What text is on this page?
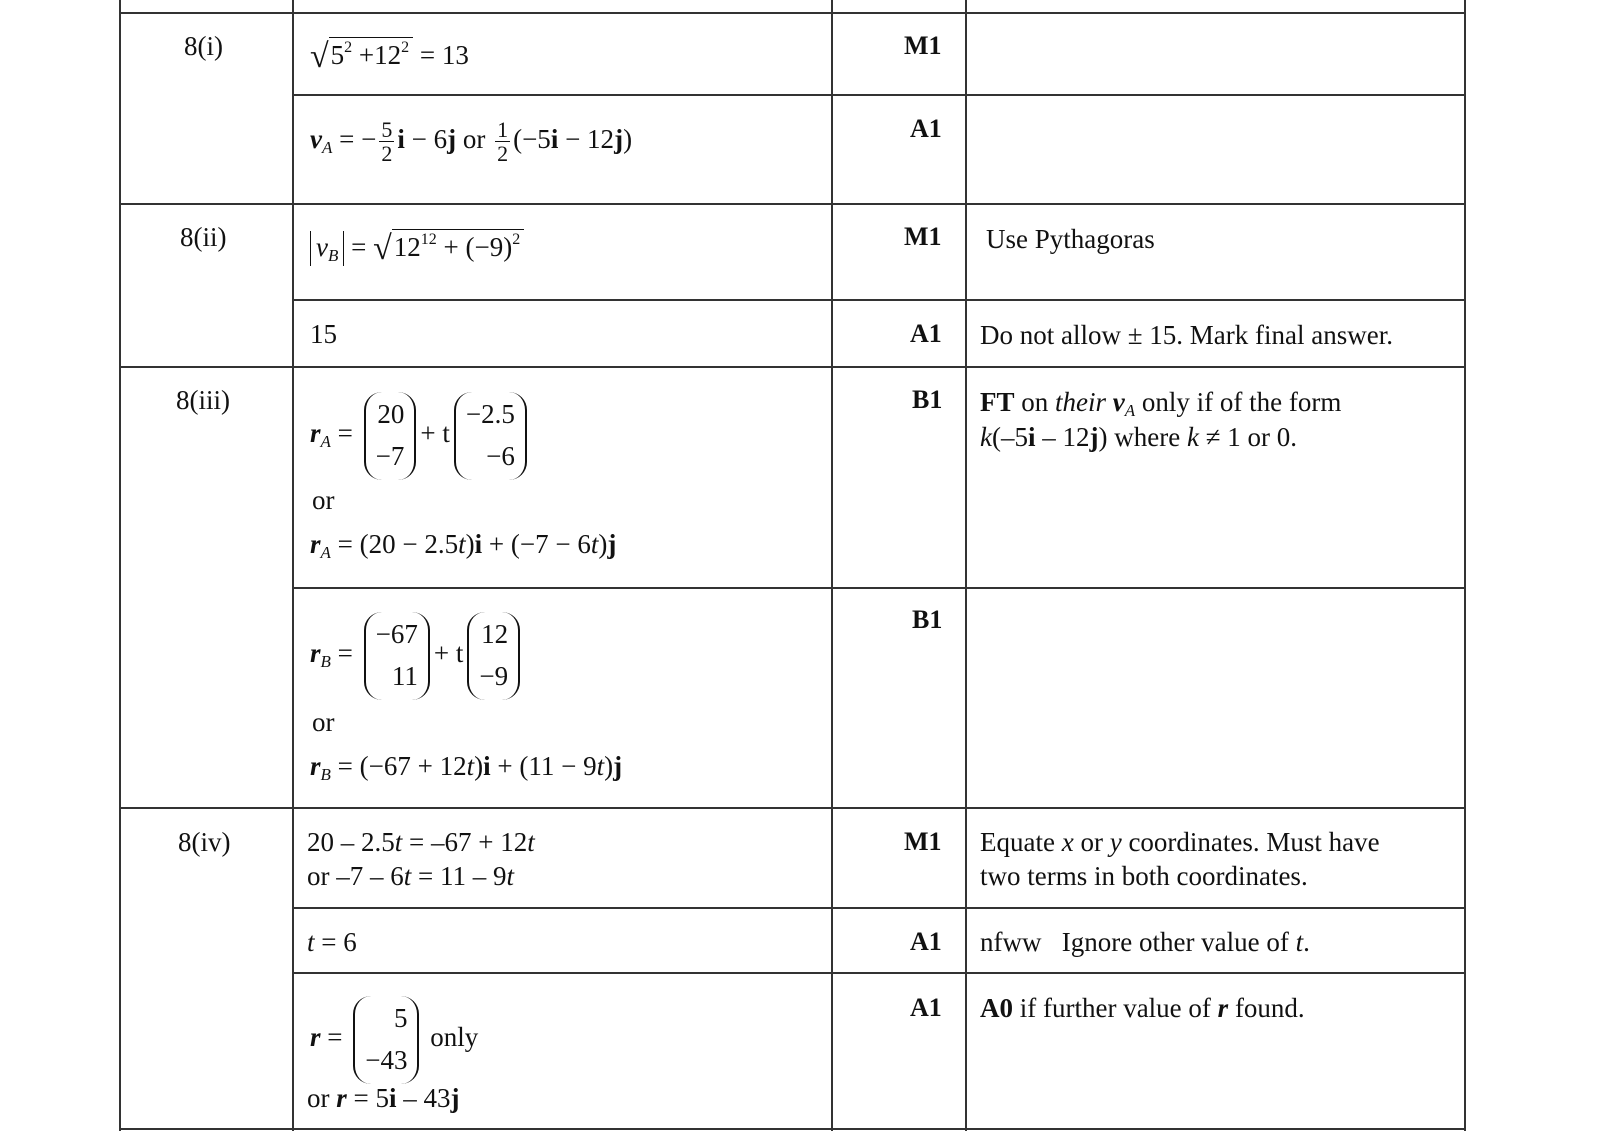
8(i)
8(ii)
8(iii)
8(iv)
M1
A1
M1
A1
B1
B1
M1
A1
A1
$√5^2 +12^2 = 13$
$v_A$ = − $\frac{5}{2}$ i − 6j or $\frac{1}{2} (-5i - 12j)$
$v_B = √12^{12} + (-9)^2$
15
$r_A$ =
20
−7
+ t
−2.5
−6
or
$r_A = (20 - 2.5t)i + (-7 - 6t)j$
$r_B$ =
−67
11
+ t
12
−9
or
$r_B = (-67 + 12t)i + (11 - 9t)j$
20 – 2.5t = –67 + 12t
or –7 – 6t = 11 – 9t
t = 6
r =
5
−43
only
or r = 5i – 43j
Use Pythagoras
Do not allow ± 15. Mark final answer.
FT on their $v_A$ only if of the form
k(–5i – 12j) where k ≠ 1 or 0.
Equate x or y coordinates. Must have
two terms in both coordinates.
nfww   Ignore other value of t.
A0 if further value of r found.
